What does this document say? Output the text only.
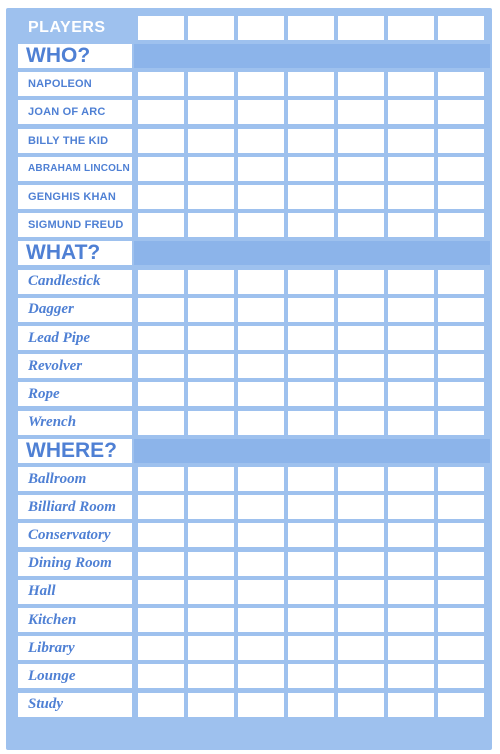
PLAYERS
WHO?
NAPOLEON
JOAN OF ARC
BILLY THE KID
ABRAHAM LINCOLN
GENGHIS KHAN
SIGMUND FREUD
WHAT?
Candlestick
Dagger
Lead Pipe
Revolver
Rope
Wrench
WHERE?
Ballroom
Billiard Room
Conservatory
Dining Room
Hall
Kitchen
Library
Lounge
Study
